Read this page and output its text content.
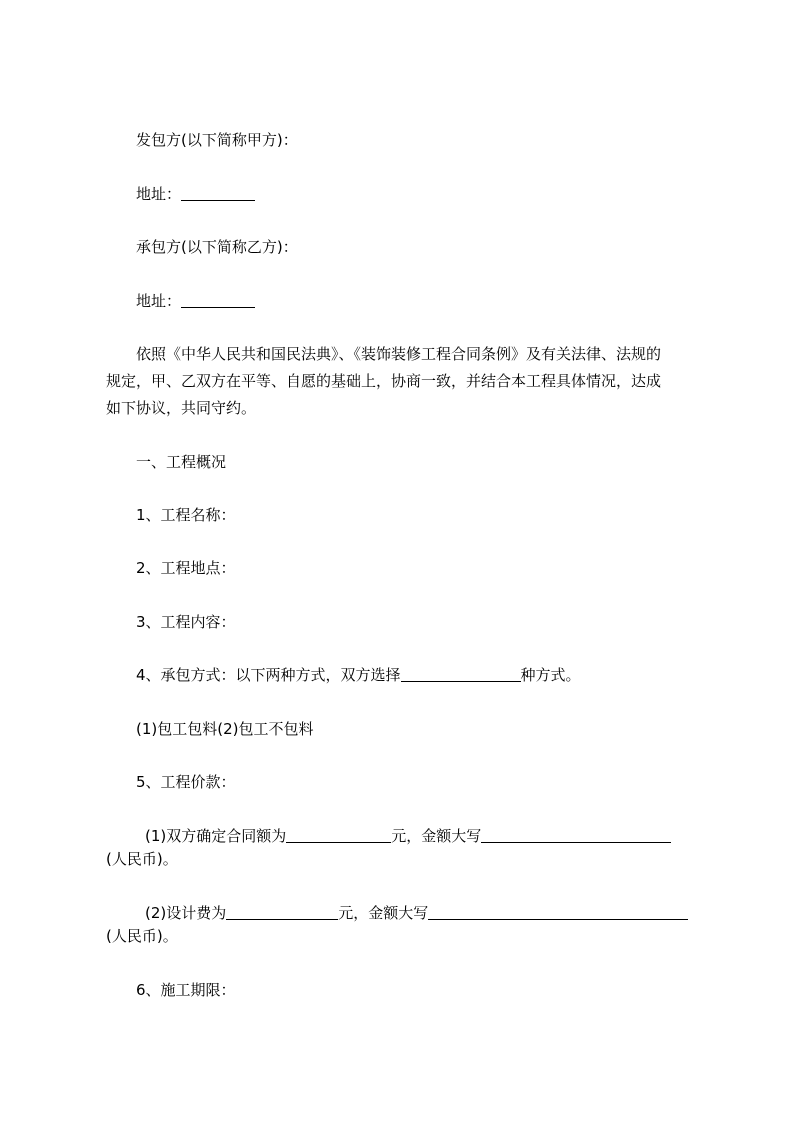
发包方(以下简称甲方)：
地址：
承包方(以下简称乙方)：
地址：
依照《中华人民共和国民法典》、《装饰装修工程合同条例》及有关法律、法规的
规定，甲、乙双方在平等、自愿的基础上，协商一致，并结合本工程具体情况，达成
如下协议，共同守约。
一、工程概况
1、工程名称：
2、工程地点：
3、工程内容：
4、承包方式：以下两种方式，双方选择	种方式。
(1)包工包料(2)包工不包料
5、工程价款：
(1)双方确定合同额为	元，金额大写
(人民币)。
(2)设计费为	元，金额大写
(人民币)。
6、施工期限：
